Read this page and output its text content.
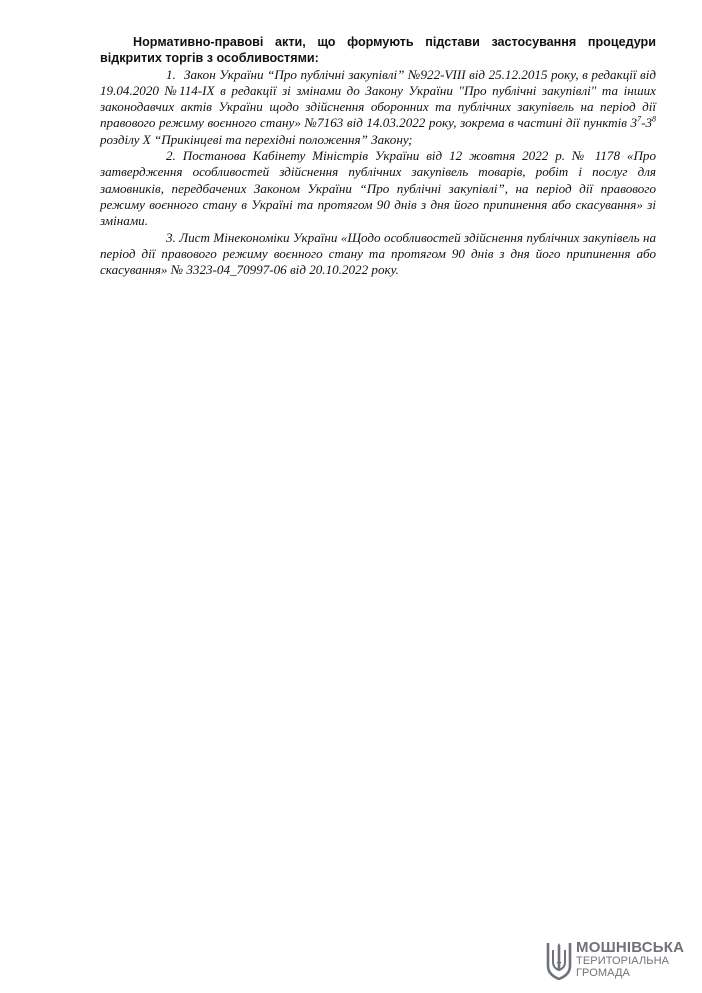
Нормативно-правові акти, що формують підстави застосування процедури відкритих торгів з особливостями:

1. Закон України “Про публічні закупівлі” №922-VIII від 25.12.2015 року, в редакції від 19.04.2020 №114-IX в редакції зі змінами до Закону України "Про публічні закупівлі" та інших законодавчих актів України щодо здійснення оборонних та публічних закупівель на період дії правового режиму воєнного стану» №7163 від 14.03.2022 року, зокрема в частині дії пунктів $3^7-3^8$ розділу Х “Прикінцеві та перехідні положення” Закону;

2. Постанова Кабінету Міністрів України від 12 жовтня 2022 р. № 1178 «Про затвердження особливостей здійснення публічних закупівель товарів, робіт і послуг для замовників, передбачених Законом України “Про публічні закупівлі”, на період дії правового режиму воєнного стану в Україні та протягом 90 днів з дня його припинення або скасування» зі змінами.

3. Лист Мінекономіки України «Щодо особливостей здійснення публічних закупівель на період дії правового режиму воєнного стану та протягом 90 днів з дня його припинення або скасування» № 3323-04_70997-06 від 20.10.2022 року.

МОШНІВСЬКА
ТЕРИТОРІАЛЬНА
ГРОМАДА
